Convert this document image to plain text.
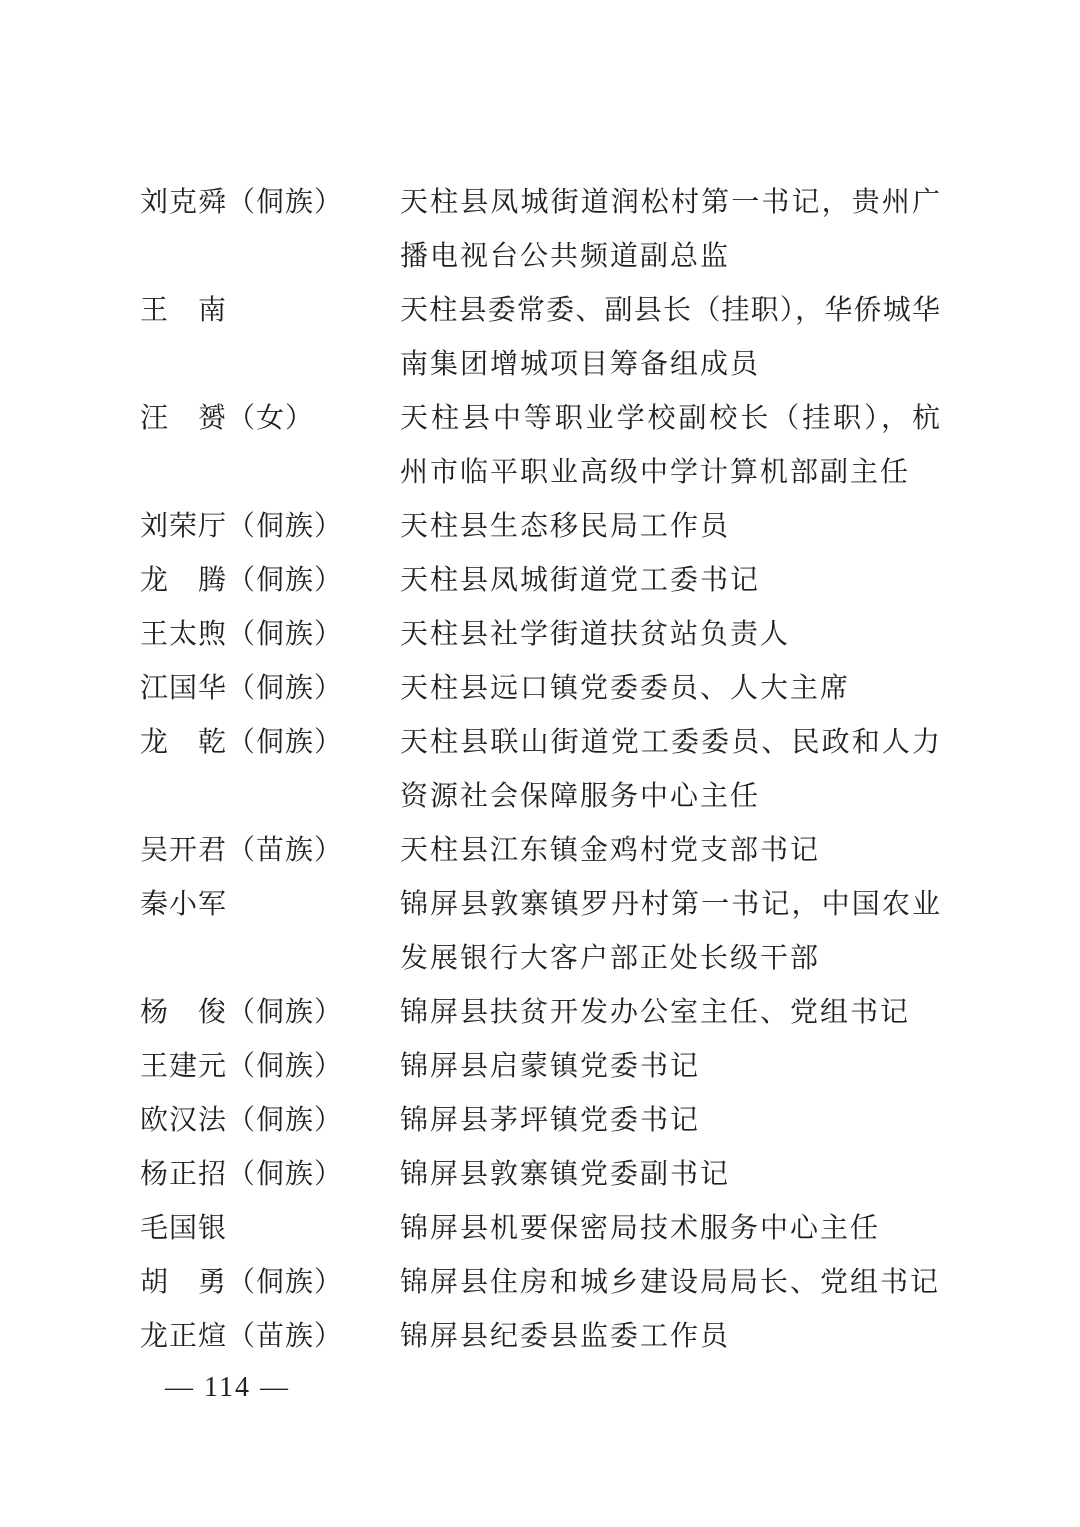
刘克舜（侗族）	天柱县凤城街道润松村第一书记，贵州广
播电视台公共频道副总监
王　南	天柱县委常委、副县长（挂职），华侨城华
南集团增城项目筹备组成员
汪　赟（女）	天柱县中等职业学校副校长（挂职），杭
州市临平职业高级中学计算机部副主任
刘荣厅（侗族）	天柱县生态移民局工作员
龙　腾（侗族）	天柱县凤城街道党工委书记
王太煦（侗族）	天柱县社学街道扶贫站负责人
江国华（侗族）	天柱县远口镇党委委员、人大主席
龙　乾（侗族）	天柱县联山街道党工委委员、民政和人力
资源社会保障服务中心主任
吴开君（苗族）	天柱县江东镇金鸡村党支部书记
秦小军	锦屏县敦寨镇罗丹村第一书记，中国农业
发展银行大客户部正处长级干部
杨　俊（侗族）	锦屏县扶贫开发办公室主任、党组书记
王建元（侗族）	锦屏县启蒙镇党委书记
欧汉法（侗族）	锦屏县茅坪镇党委书记
杨正招（侗族）	锦屏县敦寨镇党委副书记
毛国银	锦屏县机要保密局技术服务中心主任
胡　勇（侗族）	锦屏县住房和城乡建设局局长、党组书记
龙正煊（苗族）	锦屏县纪委县监委工作员
— 114 —
